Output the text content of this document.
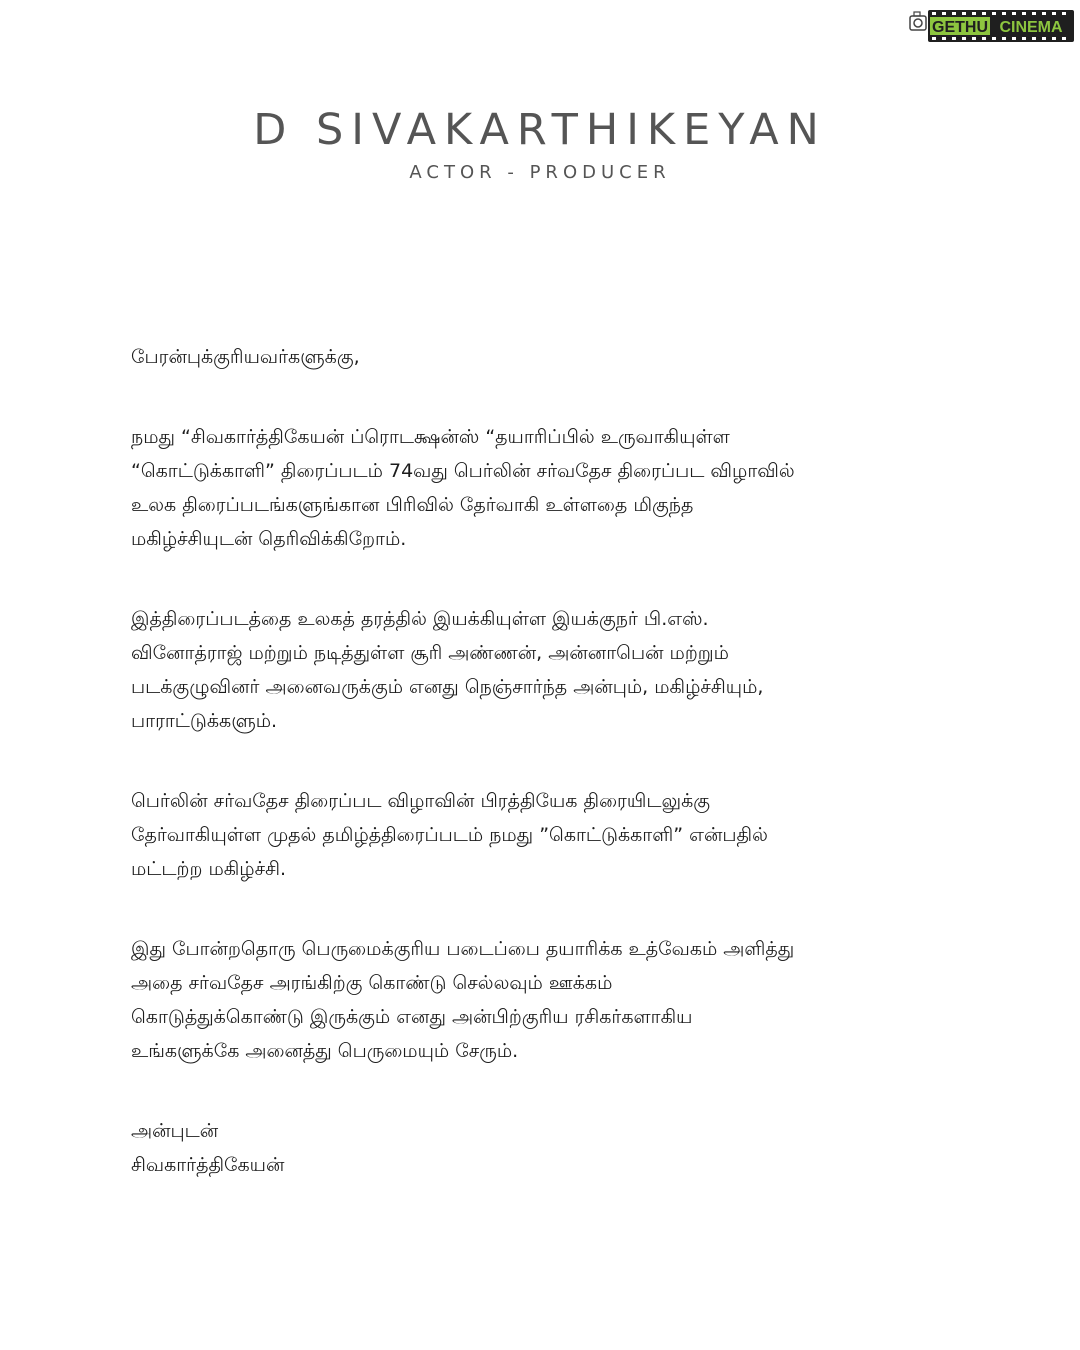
GETHU CINEMA
D SIVAKARTHIKEYAN
ACTOR - PRODUCER

பேரன்புக்குரியவர்களுக்கு,

நமது “சிவகார்த்திகேயன் ப்ரொடக்ஷன்ஸ் “தயாரிப்பில் உருவாகியுள்ள
“கொட்டுக்காளி” திரைப்படம் 74வது பெர்லின் சர்வதேச திரைப்பட விழாவில்
உலக திரைப்படங்களுங்கான பிரிவில் தேர்வாகி உள்ளதை மிகுந்த
மகிழ்ச்சியுடன் தெரிவிக்கிறோம்.

இத்திரைப்படத்தை உலகத் தரத்தில் இயக்கியுள்ள இயக்குநர் பி.எஸ்.
வினோத்ராஜ் மற்றும் நடித்துள்ள சூரி அண்ணன், அன்னாபென் மற்றும்
படக்குழுவினர் அனைவருக்கும் எனது நெஞ்சார்ந்த அன்பும், மகிழ்ச்சியும்,
பாராட்டுக்களும்.

பெர்லின் சர்வதேச திரைப்பட விழாவின் பிரத்தியேக திரையிடலுக்கு
தேர்வாகியுள்ள முதல் தமிழ்த்திரைப்படம் நமது ”கொட்டுக்காளி” என்பதில்
மட்டற்ற மகிழ்ச்சி.

இது போன்றதொரு பெருமைக்குரிய படைப்பை தயாரிக்க உத்வேகம் அளித்து
அதை சர்வதேச அரங்கிற்கு கொண்டு செல்லவும் ஊக்கம்
கொடுத்துக்கொண்டு இருக்கும் எனது அன்பிற்குரிய ரசிகர்களாகிய
உங்களுக்கே அனைத்து பெருமையும் சேரும்.

அன்புடன்

சிவகார்த்திகேயன்
